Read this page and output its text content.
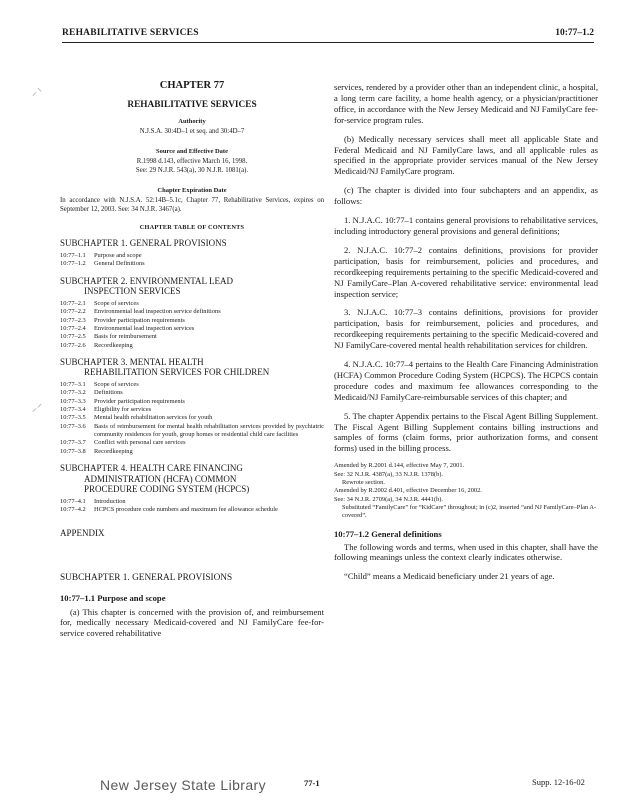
REHABILITATIVE SERVICES	10:77–1.2
⸝⸌
⸝⸍
CHAPTER 77
REHABILITATIVE SERVICES
Authority
N.J.S.A. 30:4D–1 et seq. and 30:4D–7
Source and Effective Date
R.1998 d.143, effective March 16, 1998.
See: 29 N.J.R. 543(a), 30 N.J.R. 1081(a).
Chapter Expiration Date
In accordance with N.J.S.A. 52:14B–5.1c, Chapter 77, Rehabilitative Services, expires on September 12, 2003. See: 34 N.J.R. 3467(a).
CHAPTER TABLE OF CONTENTS
SUBCHAPTER 1. GENERAL PROVISIONS
10:77–1.1	Purpose and scope
10:77–1.2	General Definitions
SUBCHAPTER 2. ENVIRONMENTAL LEAD
INSPECTION SERVICES
10:77–2.1	Scope of services
10:77–2.2	Environmental lead inspection service definitions
10:77–2.3	Provider participation requirements
10:77–2.4	Environmental lead inspection services
10:77–2.5	Basis for reimbursement
10:77–2.6	Recordkeeping
SUBCHAPTER 3. MENTAL HEALTH
REHABILITATION SERVICES FOR CHILDREN
10:77–3.1	Scope of services
10:77–3.2	Definitions
10:77–3.3	Provider participation requirements
10:77–3.4	Eligibility for services
10:77–3.5	Mental health rehabilitation services for youth
10:77–3.6	Basis of reimbursement for mental health rehabilitation services provided by psychiatric community residences for youth, group homes or residential child care facilities
10:77–3.7	Conflict with personal care services
10:77–3.8	Recordkeeping
SUBCHAPTER 4. HEALTH CARE FINANCING
ADMINISTRATION (HCFA) COMMON
PROCEDURE CODING SYSTEM (HCPCS)
10:77–4.1	Introduction
10:77–4.2	HCPCS procedure code numbers and maximum fee allowance schedule
APPENDIX
SUBCHAPTER 1. GENERAL PROVISIONS
10:77–1.1 Purpose and scope
(a) This chapter is concerned with the provision of, and reimbursement for, medically necessary Medicaid-covered and NJ FamilyCare fee-for-service covered rehabilitative
services, rendered by a provider other than an independent clinic, a hospital, a long term care facility, a home health agency, or a physician/practitioner office, in accordance with the New Jersey Medicaid and NJ FamilyCare fee-for-service program rules.
(b) Medically necessary services shall meet all applicable State and Federal Medicaid and NJ FamilyCare laws, and all applicable rules as specified in the appropriate provider services manual of the New Jersey Medicaid/NJ FamilyCare program.
(c) The chapter is divided into four subchapters and an appendix, as follows:
1. N.J.A.C. 10:77–1 contains general provisions to rehabilitative services, including introductory general provisions and general definitions;
2. N.J.A.C. 10:77–2 contains definitions, provisions for provider participation, basis for reimbursement, policies and procedures, and recordkeeping requirements pertaining to the specific Medicaid-covered and NJ FamilyCare–Plan A-covered rehabilitative service: environmental lead inspection service;
3. N.J.A.C. 10:77–3 contains definitions, provisions for provider participation, basis for reimbursement, policies and procedures, and recordkeeping requirements pertaining to the specific Medicaid-covered and NJ FamilyCare-covered mental health rehabilitation services for children.
4. N.J.A.C. 10:77–4 pertains to the Health Care Financing Administration (HCFA) Common Procedure Coding System (HCPCS). The HCPCS contain procedure codes and maximum fee allowances corresponding to the Medicaid/NJ FamilyCare-reimbursable services of this chapter; and
5. The chapter Appendix pertains to the Fiscal Agent Billing Supplement. The Fiscal Agent Billing Supplement contains billing instructions and samples of forms (claim forms, prior authorization forms, and consent forms) used in the billing process.
Amended by R.2001 d.144, effective May 7, 2001.
See: 32 N.J.R. 4387(a), 33 N.J.R. 1378(b).
Rewrote section.
Amended by R.2002 d.401, effective December 16, 2002.
See: 34 N.J.R. 2709(a), 34 N.J.R. 4441(b).
Substituted “FamilyCare” for “KidCare” throughout; in (c)2, inserted “and NJ FamilyCare–Plan A-covered”.
10:77–1.2 General definitions
The following words and terms, when used in this chapter, shall have the following meanings unless the context clearly indicates otherwise.
“Child” means a Medicaid beneficiary under 21 years of age.
New Jersey State Library	77-1	Supp. 12-16-02
